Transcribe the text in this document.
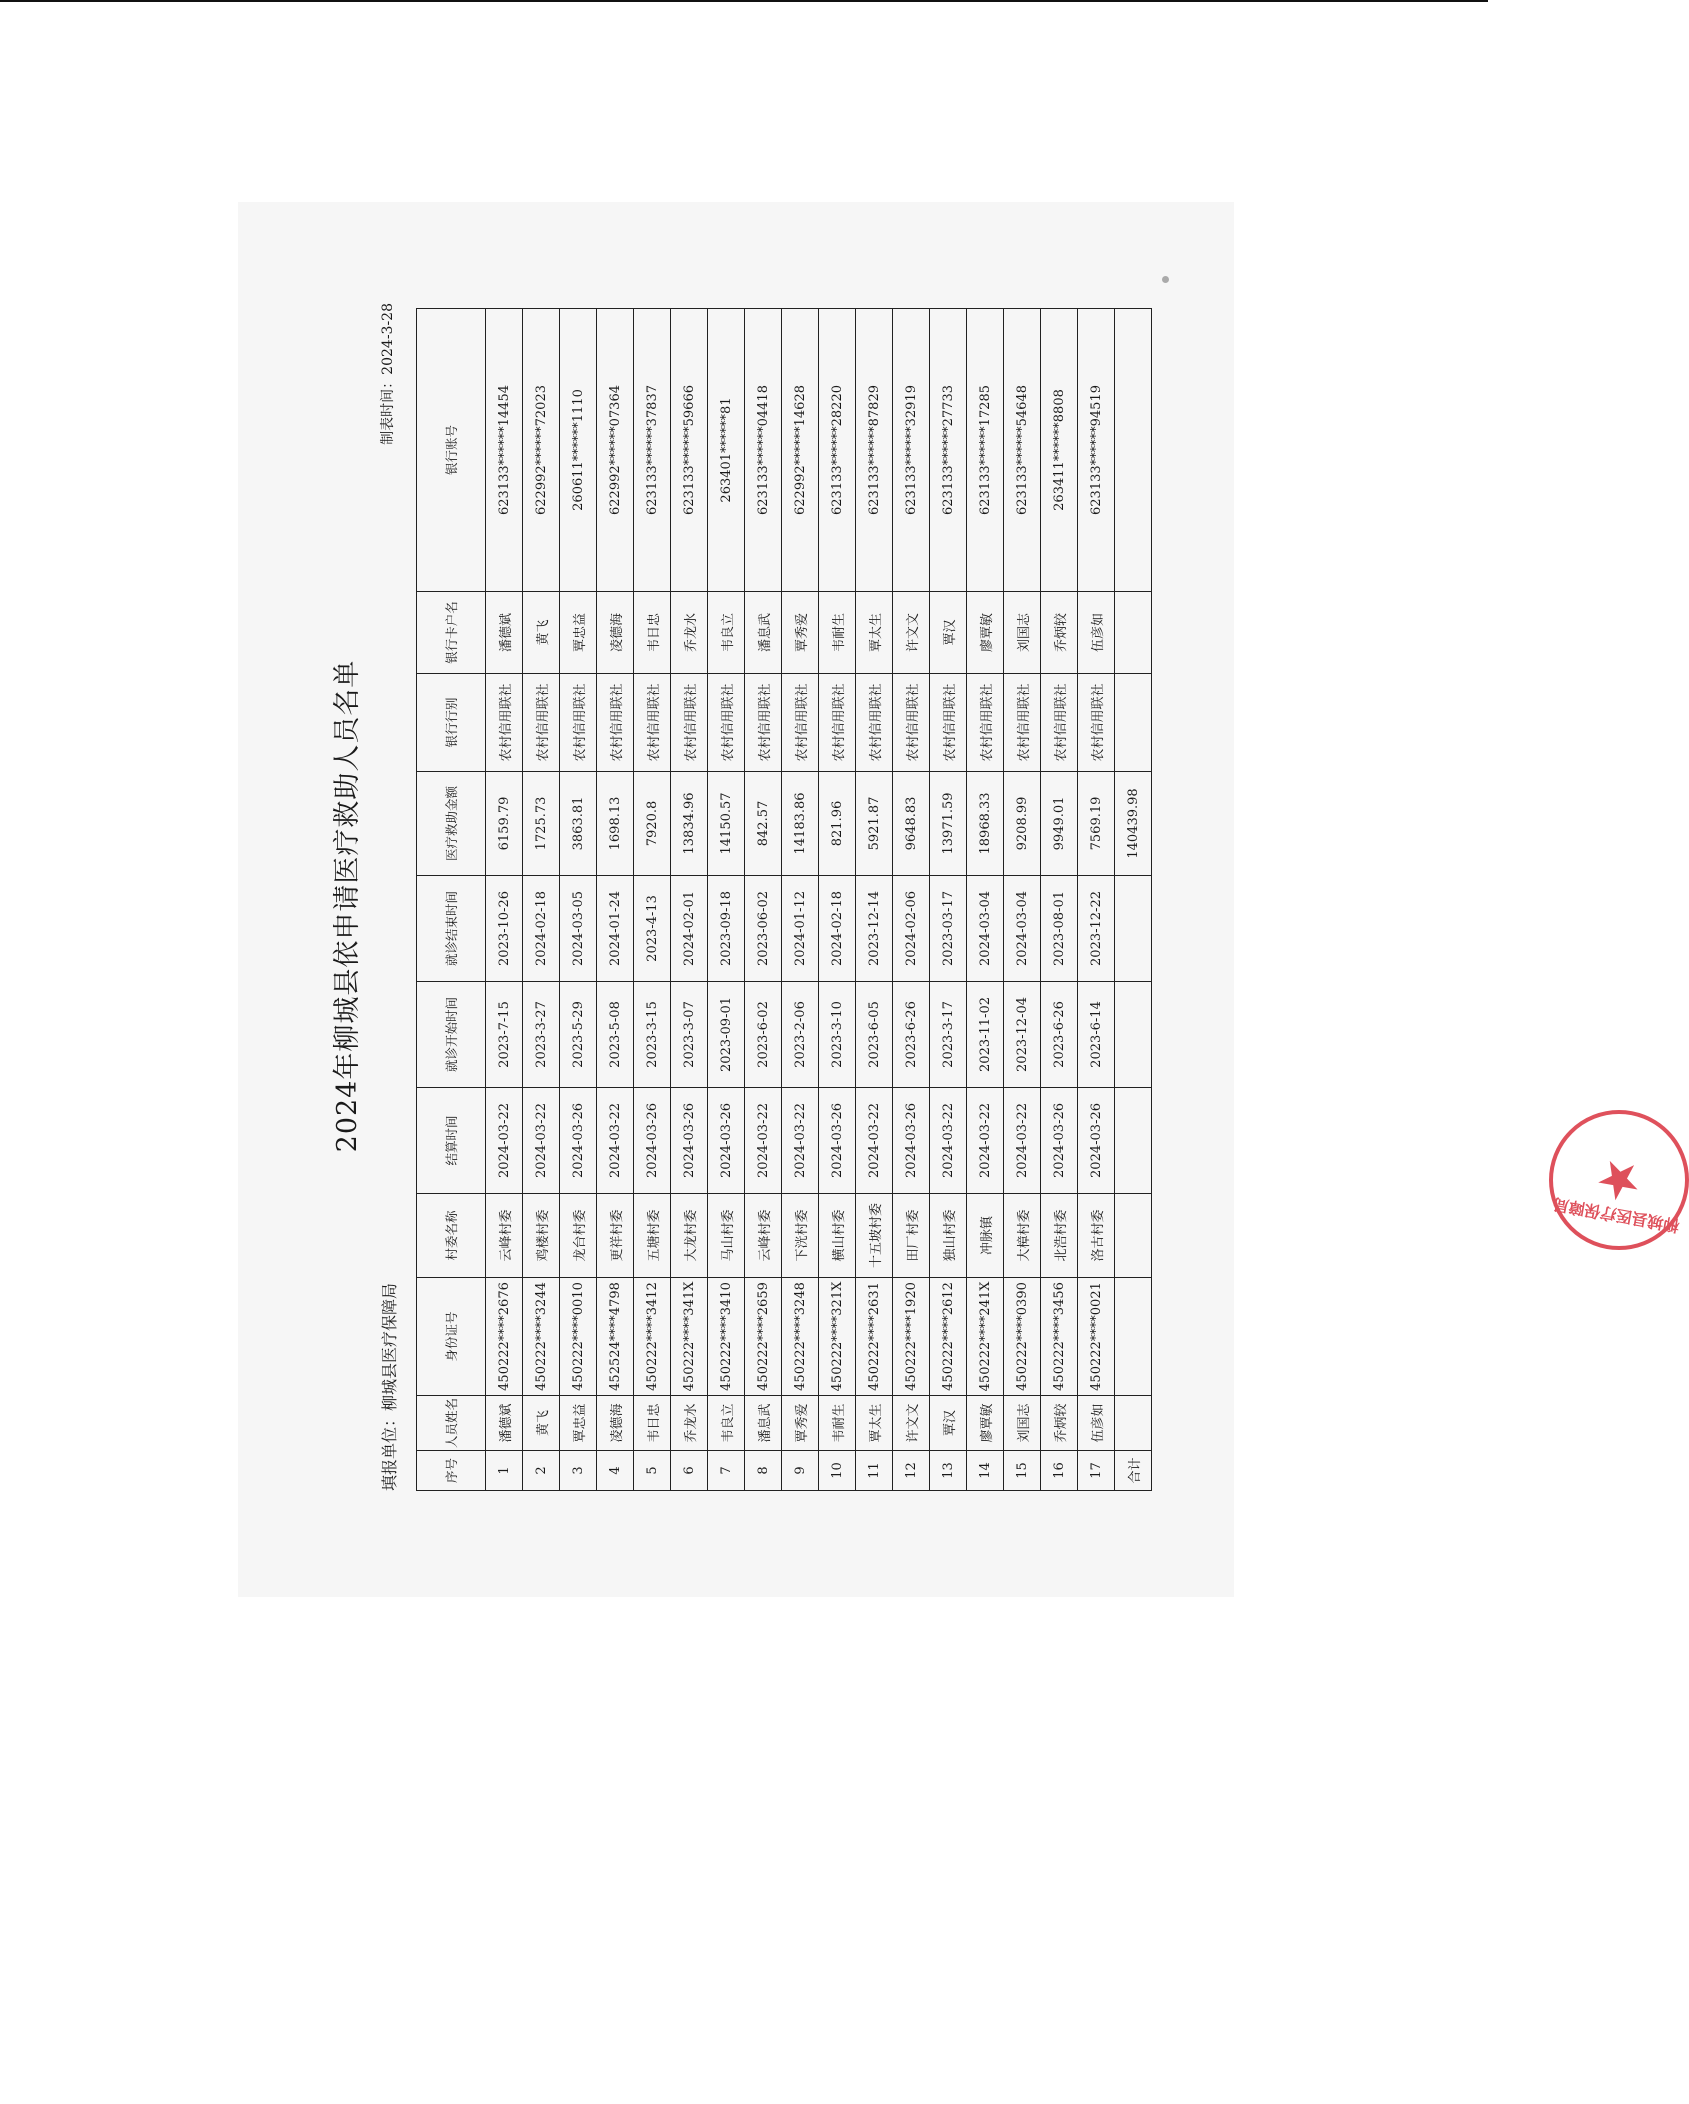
2024年柳城县依申请医疗救助人员名单
填报单位：柳城县医疗保障局
制表时间：2024-3-28
序号	人员姓名	身份证号	村委名称	结算时间	就诊开始时间	就诊结束时间	医疗救助金额	银行行别	银行卡户名	银行账号
1	潘德斌	450222****2676	云峰村委	2024-03-22	2023-7-15	2023-10-26	6159.79	农村信用联社	潘德斌	623133******14454
2	黄飞	450222****3244	鸡楼村委	2024-03-22	2023-3-27	2024-02-18	1725.73	农村信用联社	黄飞	622992******72023
3	覃忠益	450222****0010	龙台村委	2024-03-26	2023-5-29	2024-03-05	3863.81	农村信用联社	覃忠益	260611******1110
4	凌德海	452524****4798	更祥村委	2024-03-22	2023-5-08	2024-01-24	1698.13	农村信用联社	凌德海	622992******07364
5	韦日忠	450222****3412	五塘村委	2024-03-26	2023-3-15	2023-4-13	7920.8	农村信用联社	韦日忠	623133******37837
6	乔龙水	450222****341X	大龙村委	2024-03-26	2023-3-07	2024-02-01	13834.96	农村信用联社	乔龙水	623133******59666
7	韦良立	450222****3410	马山村委	2024-03-26	2023-09-01	2023-09-18	14150.57	农村信用联社	韦良立	263401******81
8	潘息武	450222****2659	云峰村委	2024-03-22	2023-6-02	2023-06-02	842.57	农村信用联社	潘息武	623133******04418
9	覃秀爱	450222****3248	下洸村委	2024-03-22	2023-2-06	2024-01-12	14183.86	农村信用联社	覃秀爱	622992******14628
10	韦耐生	450222****321X	横山村委	2024-03-26	2023-3-10	2024-02-18	821.96	农村信用联社	韦耐生	623133******28220
11	覃太生	450222****2631	十五坡村委	2024-03-22	2023-6-05	2023-12-14	5921.87	农村信用联社	覃太生	623133******87829
12	许文文	450222****1920	田厂村委	2024-03-26	2023-6-26	2024-02-06	9648.83	农村信用联社	许文文	623133******32919
13	覃汉	450222****2612	独山村委	2024-03-22	2023-3-17	2023-03-17	13971.59	农村信用联社	覃汉	623133******27733
14	廖覃敏	450222****241X	冲脉镇	2024-03-22	2023-11-02	2024-03-04	18968.33	农村信用联社	廖覃敏	623133******17285
15	刘国志	450222****0390	大樟村委	2024-03-22	2023-12-04	2024-03-04	9208.99	农村信用联社	刘国志	623133******54648
16	乔炳较	450222****3456	北浩村委	2024-03-26	2023-6-26	2023-08-01	9949.01	农村信用联社	乔炳较	263411******8808
17	伍彦如	450222****0021	洛古村委	2024-03-26	2023-6-14	2023-12-22	7569.19	农村信用联社	伍彦如	623133******94519
合计							140439.98			
★
柳城县医疗保障局
